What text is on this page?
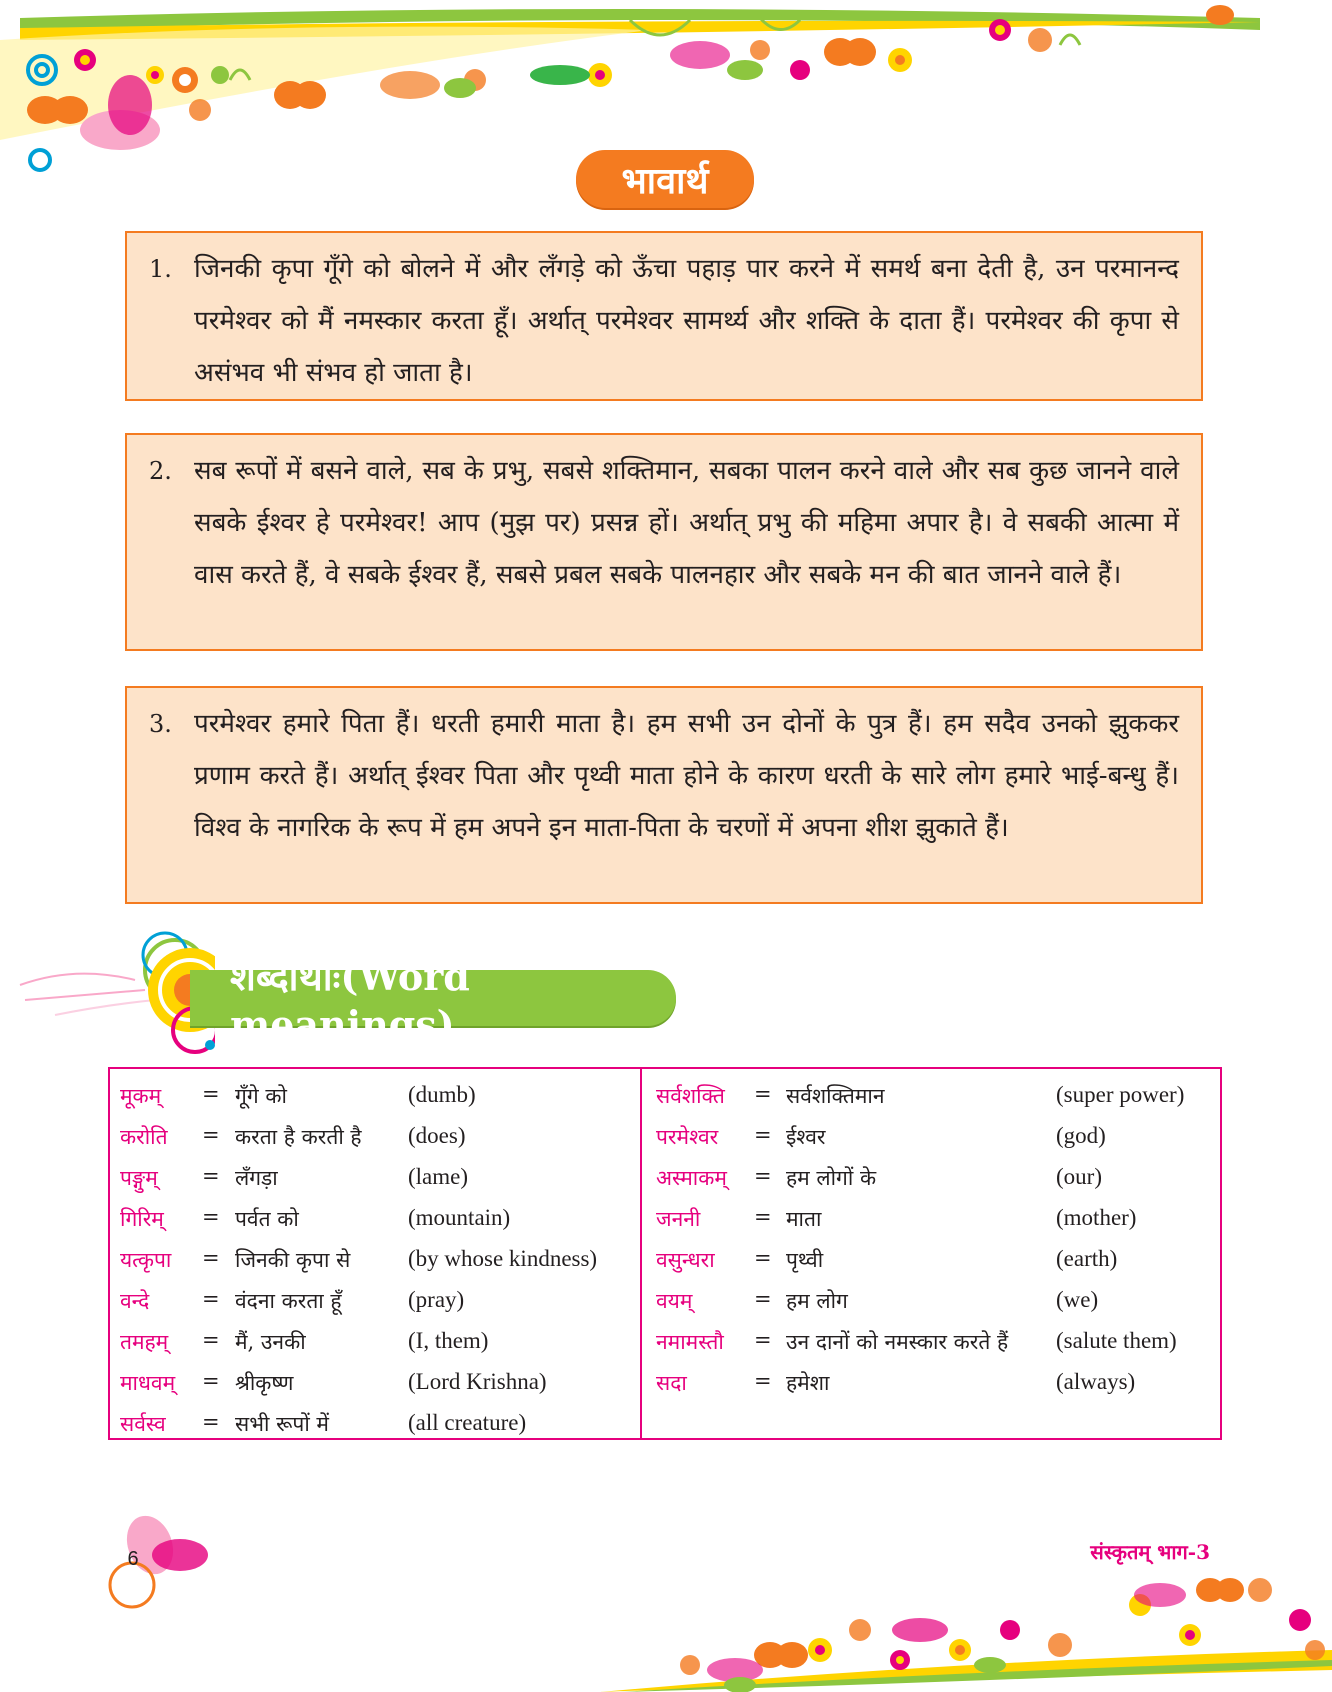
भावार्थ
1. जिनकी कृपा गूँगे को बोलने में और लँगड़े को ऊँचा पहाड़ पार करने में समर्थ बना देती है, उन परमानन्द परमेश्वर को मैं नमस्कार करता हूँ। अर्थात् परमेश्वर सामर्थ्य और शक्ति के दाता हैं। परमेश्वर की कृपा से असंभव भी संभव हो जाता है।
2. सब रूपों में बसने वाले, सब के प्रभु, सबसे शक्तिमान, सबका पालन करने वाले और सब कुछ जानने वाले सबके ईश्वर हे परमेश्वर! आप (मुझ पर) प्रसन्न हों। अर्थात् प्रभु की महिमा अपार है। वे सबकी आत्मा में वास करते हैं, वे सबके ईश्वर हैं, सबसे प्रबल सबके पालनहार और सबके मन की बात जानने वाले हैं।
3. परमेश्वर हमारे पिता हैं। धरती हमारी माता है। हम सभी उन दोनों के पुत्र हैं। हम सदैव उनको झुककर प्रणाम करते हैं। अर्थात् ईश्वर पिता और पृथ्वी माता होने के कारण धरती के सारे लोग हमारे भाई-बन्धु हैं। विश्व के नागरिक के रूप में हम अपने इन माता-पिता के चरणों में अपना शीश झुकाते हैं।
शब्दार्थाः(Word meanings)
मूकम् = गूँगे को	(dumb)
करोति = करता है करती है (does)
पङ्गुम् = लँगड़ा	(lame)
गिरिम् = पर्वत को	(mountain)
यत्कृपा = जिनकी कृपा से	(by whose kindness)
वन्दे	= वंदना करता हूँ	(pray)
तमहम् = मैं, उनकी	(I, them)
माधवम् = श्रीकृष्ण	(Lord Krishna)
सर्वस्व = सभी रूपों में	(all creature)
सर्वशक्ति = सर्वशक्तिमान	(super power)
परमेश्वर = ईश्वर	(god)
अस्माकम् = हम लोगों के	(our)
जननी	= माता	(mother)
वसुन्धरा = पृथ्वी	(earth)
वयम्	= हम लोग	(we)
नमामस्तौ = उन दानों को नमस्कार करते हैं (salute them)
सदा	= हमेशा	(always)
6	संस्कृतम् भाग-3
